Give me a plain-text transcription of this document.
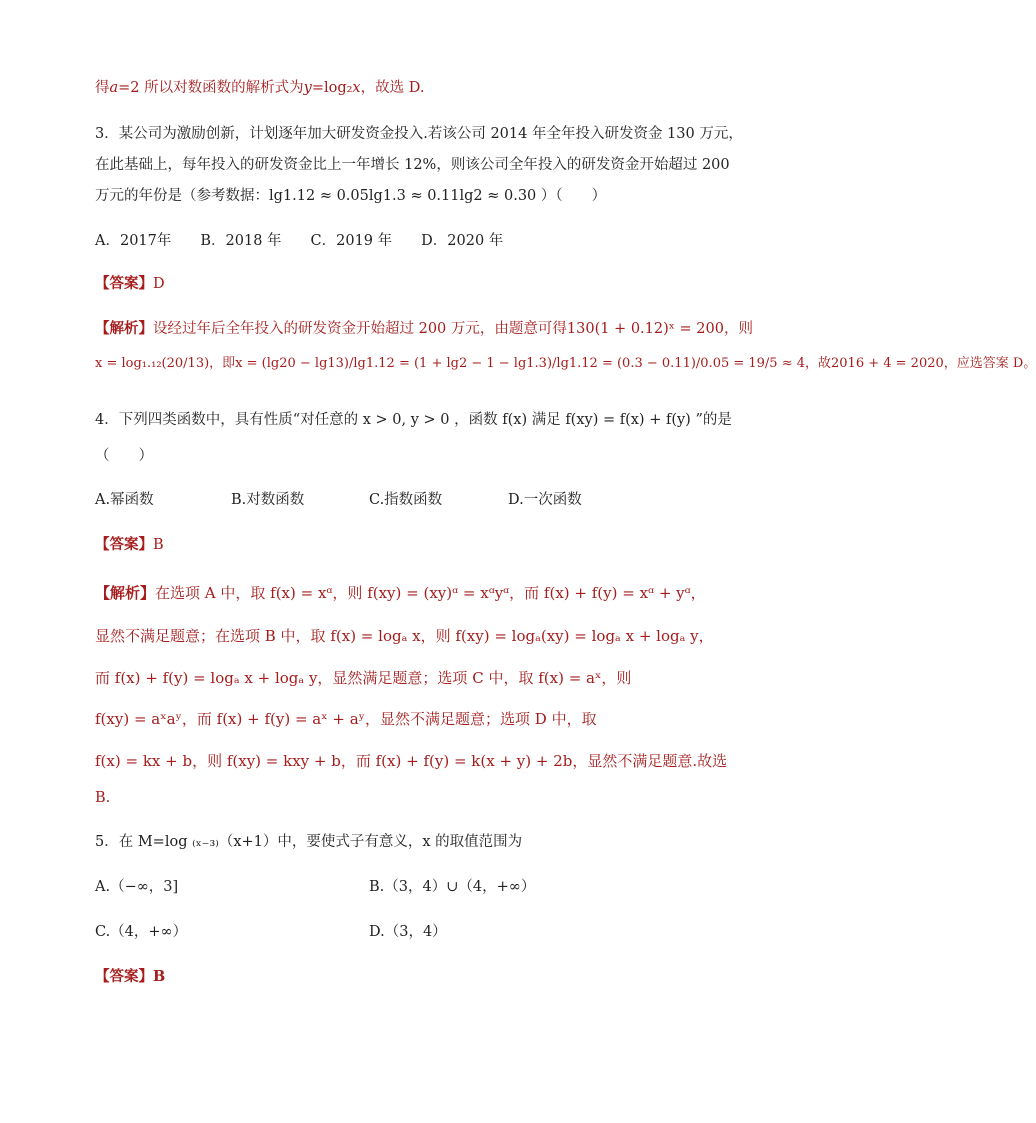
得𝑎=2 所以对数函数的解析式为𝑦=log₂𝑥，故选 D.
3．某公司为激励创新，计划逐年加大研发资金投入.若该公司 2014 年全年投入研发资金 130 万元，
在此基础上，每年投入的研发资金比上一年增长 12%，则该公司全年投入的研发资金开始超过 200
万元的年份是（参考数据：lg1.12 ≈ 0.05lg1.3 ≈ 0.11lg2 ≈ 0.30 ）（　　）
A．2017年　　B．2018 年　　C．2019 年　　D．2020 年
【答案】D
【解析】设经过年后全年投入的研发资金开始超过 200 万元，由题意可得130(1 + 0.12)ˣ = 200，则
x = log₁.₁₂(20/13)，即x = (lg20 − lg13)/lg1.12 = (1 + lg2 − 1 − lg1.3)/lg1.12 = (0.3 − 0.11)/0.05 = 19/5 ≈ 4，故2016 + 4 = 2020，应选答案 D。
4．下列四类函数中，具有性质“对任意的 x > 0, y > 0 ，函数 f(x) 满足 f(xy) = f(x) + f(y) ”的是
（　　）
A.幂函数	B.对数函数	C.指数函数	D.一次函数
【答案】B
【解析】在选项 A 中，取 f(x) = xᵅ，则 f(xy) = (xy)ᵅ = xᵅyᵅ，而 f(x) + f(y) = xᵅ + yᵅ，
显然不满足题意；在选项 B 中，取 f(x) = logₐ x，则 f(xy) = logₐ(xy) = logₐ x + logₐ y，
而 f(x) + f(y) = logₐ x + logₐ y，显然满足题意；选项 C 中，取 f(x) = aˣ，则
f(xy) = aˣaʸ，而 f(x) + f(y) = aˣ + aʸ，显然不满足题意；选项 D 中，取
f(x) = kx + b，则 f(xy) = kxy + b，而 f(x) + f(y) = k(x + y) + 2b，显然不满足题意.故选
B.
5．在 M=log ₍ₓ₋₃₎（x+1）中，要使式子有意义，x 的取值范围为
A.（−∞，3]	B.（3，4）∪（4，+∞）
C.（4，+∞）	D.（3，4）
【答案】B
